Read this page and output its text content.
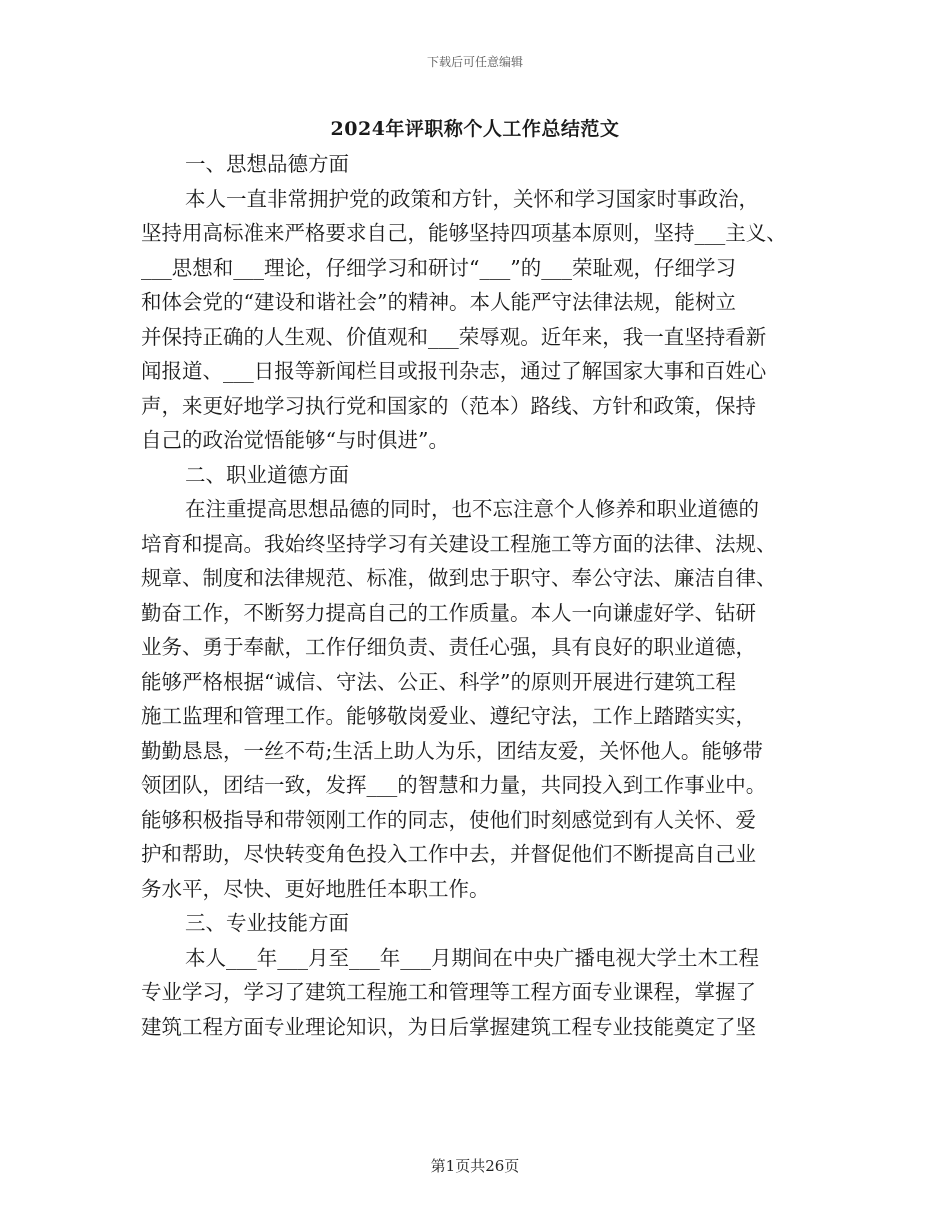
下载后可任意编辑
2024年评职称个人工作总结范文
一、思想品德方面
本人一直非常拥护党的政策和方针，关怀和学习国家时事政治，
坚持用高标准来严格要求自己，能够坚持四项基本原则，坚持___主义、
___思想和___理论，仔细学习和研讨“___”的___荣耻观，仔细学习
和体会党的“建设和谐社会”的精神。本人能严守法律法规，能树立
并保持正确的人生观、价值观和___荣辱观。近年来，我一直坚持看新
闻报道、___日报等新闻栏目或报刊杂志，通过了解国家大事和百姓心
声，来更好地学习执行党和国家的（范本）路线、方针和政策，保持
自己的政治觉悟能够“与时俱进”。
二、职业道德方面
在注重提高思想品德的同时，也不忘注意个人修养和职业道德的
培育和提高。我始终坚持学习有关建设工程施工等方面的法律、法规、
规章、制度和法律规范、标准，做到忠于职守、奉公守法、廉洁自律、
勤奋工作，不断努力提高自己的工作质量。本人一向谦虚好学、钻研
业务、勇于奉献，工作仔细负责、责任心强，具有良好的职业道德，
能够严格根据“诚信、守法、公正、科学”的原则开展进行建筑工程
施工监理和管理工作。能够敬岗爱业、遵纪守法，工作上踏踏实实，
勤勤恳恳，一丝不苟;生活上助人为乐，团结友爱，关怀他人。能够带
领团队，团结一致，发挥___的智慧和力量，共同投入到工作事业中。
能够积极指导和带领刚工作的同志，使他们时刻感觉到有人关怀、爱
护和帮助，尽快转变角色投入工作中去，并督促他们不断提高自己业
务水平，尽快、更好地胜任本职工作。
三、专业技能方面
本人___年___月至___年___月期间在中央广播电视大学土木工程
专业学习，学习了建筑工程施工和管理等工程方面专业课程，掌握了
建筑工程方面专业理论知识，为日后掌握建筑工程专业技能奠定了坚
第1页共26页
